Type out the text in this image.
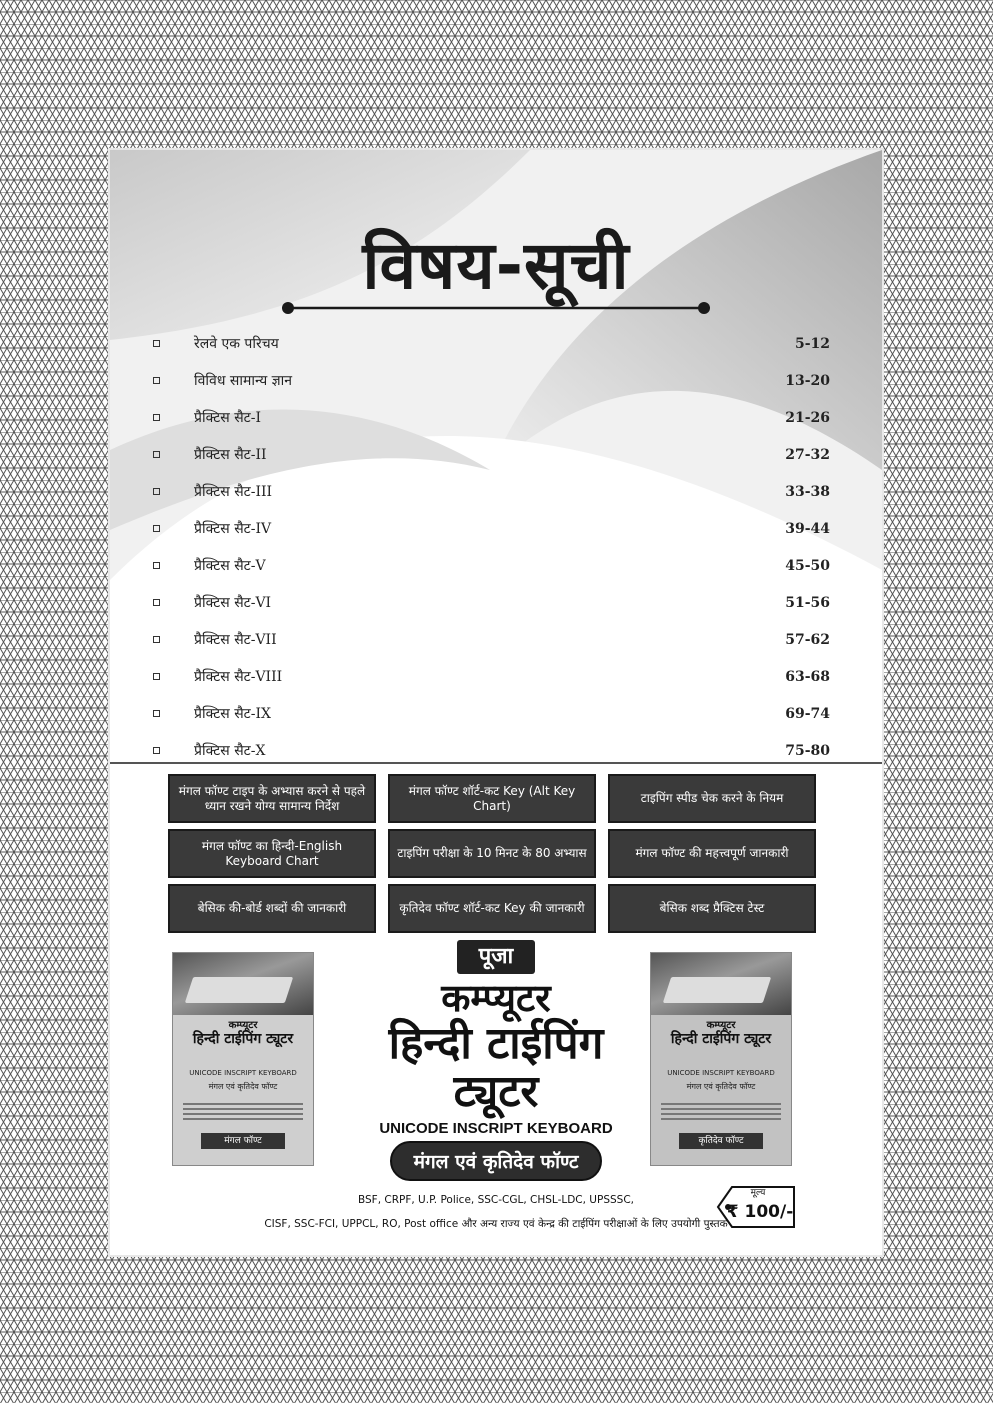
विषय-सूची
रेलवे एक परिचय	5-12
विविध सामान्य ज्ञान	13-20
प्रैक्टिस सैट-I	21-26
प्रैक्टिस सैट-II	27-32
प्रैक्टिस सैट-III	33-38
प्रैक्टिस सैट-IV	39-44
प्रैक्टिस सैट-V	45-50
प्रैक्टिस सैट-VI	51-56
प्रैक्टिस सैट-VII	57-62
प्रैक्टिस सैट-VIII	63-68
प्रैक्टिस सैट-IX	69-74
प्रैक्टिस सैट-X	75-80
मंगल फॉण्ट टाइप के अभ्यास करने से पहले ध्यान रखने योग्य सामान्य निर्देश
मंगल फॉण्ट शॉर्ट-कट Key (Alt Key Chart)
टाइपिंग स्पीड चेक करने के नियम
मंगल फॉण्ट का हिन्दी-English Keyboard Chart
टाइपिंग परीक्षा के 10 मिनट के 80 अभ्यास	मंगल फॉण्ट की महत्त्वपूर्ण जानकारी
बेसिक की-बोर्ड शब्दों की जानकारी	कृतिदेव फॉण्ट शॉर्ट-कट Key की जानकारी	बेसिक शब्द प्रैक्टिस टेस्ट
कम्प्यूटर
हिन्दी टाईपिंग ट्यूटर
UNICODE INSCRIPT KEYBOARD
मंगल एवं कृतिदेव फॉण्ट
मंगल फॉण्ट
पूजा
कम्प्यूटर
हिन्दी टाईपिंग
ट्यूटर
UNICODE INSCRIPT KEYBOARD
मंगल एवं कृतिदेव फॉण्ट
कम्प्यूटर
हिन्दी टाईपिंग ट्यूटर
UNICODE INSCRIPT KEYBOARD
मंगल एवं कृतिदेव फॉण्ट
कृतिदेव फॉण्ट
मूल्य
₹ 100/-
BSF, CRPF, U.P. Police, SSC-CGL, CHSL-LDC, UPSSSC,
CISF, SSC-FCI, UPPCL, RO, Post office और अन्य राज्य एवं केन्द्र की टाईपिंग परीक्षाओं के लिए उपयोगी पुस्तक
